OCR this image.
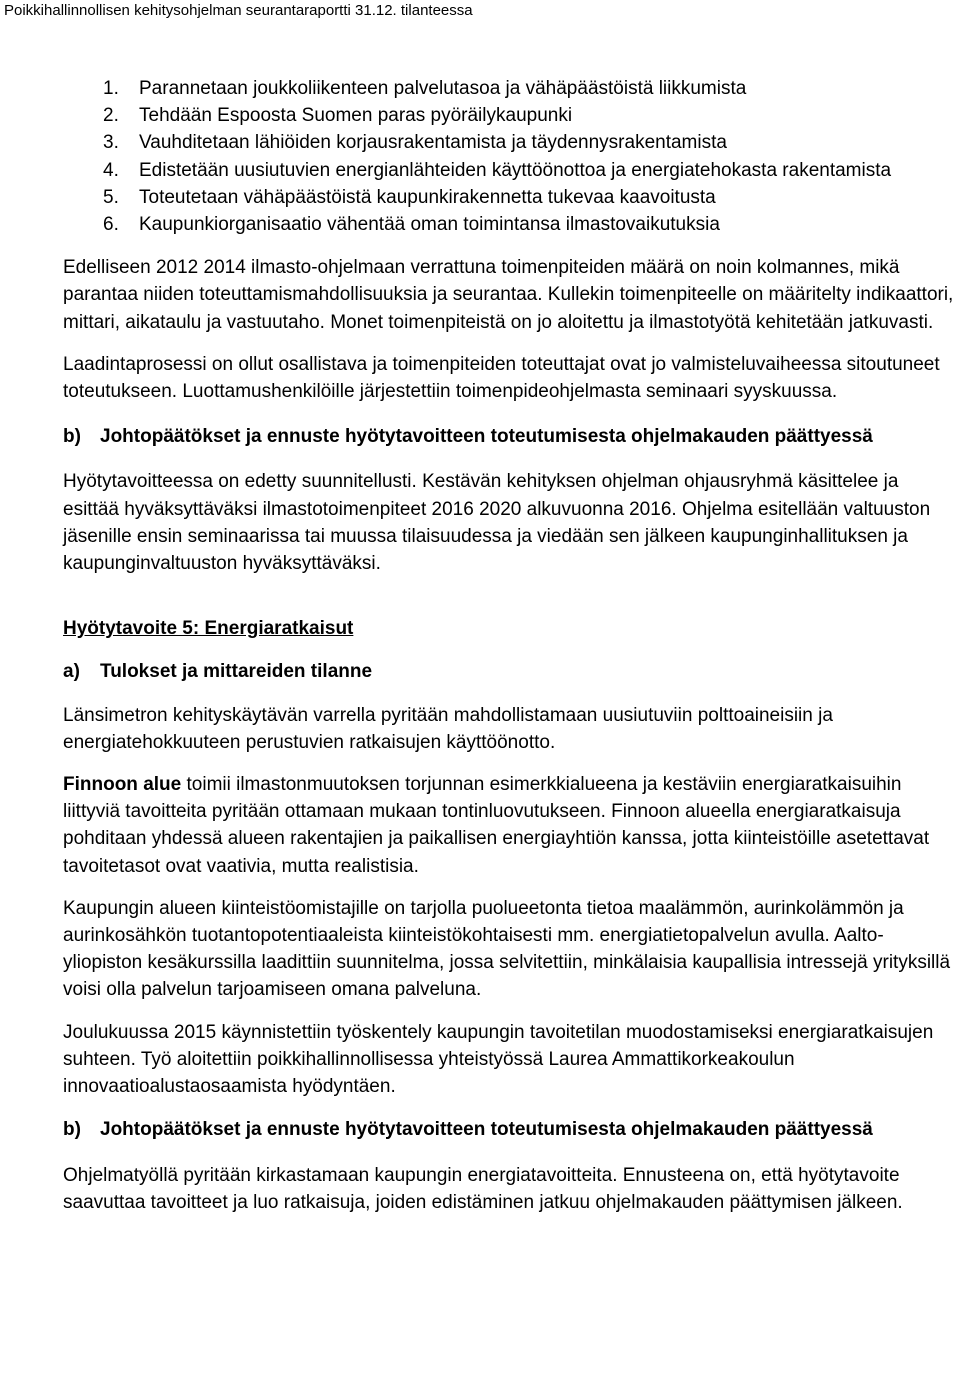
Poikkihallinnollisen kehitysohjelman seurantaraportti 31.12. tilanteessa
1. Parannetaan joukkoliikenteen palvelutasoa ja vähäpäästöistä liikkumista
2. Tehdään Espoosta Suomen paras pyöräilykaupunki
3. Vauhditetaan lähiöiden korjausrakentamista ja täydennysrakentamista
4. Edistetään uusiutuvien energianlähteiden käyttöönottoa ja energiatehokasta rakentamista
5. Toteutetaan vähäpäästöistä kaupunkirakennetta tukevaa kaavoitusta
6. Kaupunkiorganisaatio vähentää oman toimintansa ilmastovaikutuksia

Edelliseen 2012 2014 ilmasto-ohjelmaan verrattuna toimenpiteiden määrä on noin kolmannes, mikä parantaa niiden toteuttamismahdollisuuksia ja seurantaa. Kullekin toimenpiteelle on määritelty indikaattori, mittari, aikataulu ja vastuutaho. Monet toimenpiteistä on jo aloitettu ja ilmastotyötä kehitetään jatkuvasti.

Laadintaprosessi on ollut osallistava ja toimenpiteiden toteuttajat ovat jo valmisteluvaiheessa sitoutuneet toteutukseen. Luottamushenkilöille järjestettiin toimenpideohjelmasta seminaari syyskuussa.

b) Johtopäätökset ja ennuste hyötytavoitteen toteutumisesta ohjelmakauden päättyessä

Hyötytavoitteessa on edetty suunnitellusti. Kestävän kehityksen ohjelman ohjausryhmä käsittelee ja esittää hyväksyttäväksi ilmastotoimenpiteet 2016 2020 alkuvuonna 2016. Ohjelma esitellään valtuuston jäsenille ensin seminaarissa tai muussa tilaisuudessa ja viedään sen jälkeen kaupunginhallituksen ja kaupunginvaltuuston hyväksyttäväksi.

Hyötytavoite 5: Energiaratkaisut

a) Tulokset ja mittareiden tilanne

Länsimetron kehityskäytävän varrella pyritään mahdollistamaan uusiutuviin polttoaineisiin ja energiatehokkuuteen perustuvien ratkaisujen käyttöönotto.

Finnoon alue toimii ilmastonmuutoksen torjunnan esimerkkialueena ja kestäviin energiaratkaisuihin liittyviä tavoitteita pyritään ottamaan mukaan tontinluovutukseen. Finnoon alueella energiaratkaisuja pohditaan yhdessä alueen rakentajien ja paikallisen energiayhtiön kanssa, jotta kiinteistöille asetettavat tavoitetasot ovat vaativia, mutta realistisia.

Kaupungin alueen kiinteistöomistajille on tarjolla puolueetonta tietoa maalämmön, aurinkolämmön ja aurinkosähkön tuotantopotentiaaleista kiinteistökohtaisesti mm. energiatietopalvelun avulla. Aalto-yliopiston kesäkurssilla laadittiin suunnitelma, jossa selvitettiin, minkälaisia kaupallisia intressejä yrityksillä voisi olla palvelun tarjoamiseen omana palveluna.

Joulukuussa 2015 käynnistettiin työskentely kaupungin tavoitetilan muodostamiseksi energiaratkaisujen suhteen. Työ aloitettiin poikkihallinnollisessa yhteistyössä Laurea Ammattikorkeakoulun innovaatioalustaosaamista hyödyntäen.

b) Johtopäätökset ja ennuste hyötytavoitteen toteutumisesta ohjelmakauden päättyessä

Ohjelmatyöllä pyritään kirkastamaan kaupungin energiatavoitteita. Ennusteena on, että hyötytavoite saavuttaa tavoitteet ja luo ratkaisuja, joiden edistäminen jatkuu ohjelmakauden päättymisen jälkeen.
